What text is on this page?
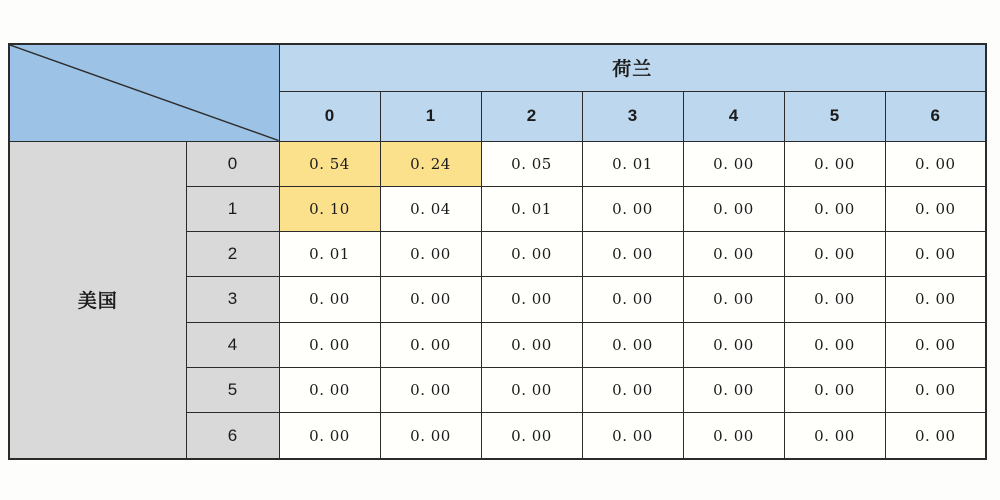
	荷兰						
		0	1	2	3	4	5	6
美国	0	0. 54	0. 24	0. 05	0. 01	0. 00	0. 00	0. 00
	1	0. 10	0. 04	0. 01	0. 00	0. 00	0. 00	0. 00
	2	0. 01	0. 00	0. 00	0. 00	0. 00	0. 00	0. 00
	3	0. 00	0. 00	0. 00	0. 00	0. 00	0. 00	0. 00
	4	0. 00	0. 00	0. 00	0. 00	0. 00	0. 00	0. 00
	5	0. 00	0. 00	0. 00	0. 00	0. 00	0. 00	0. 00
	6	0. 00	0. 00	0. 00	0. 00	0. 00	0. 00	0. 00
